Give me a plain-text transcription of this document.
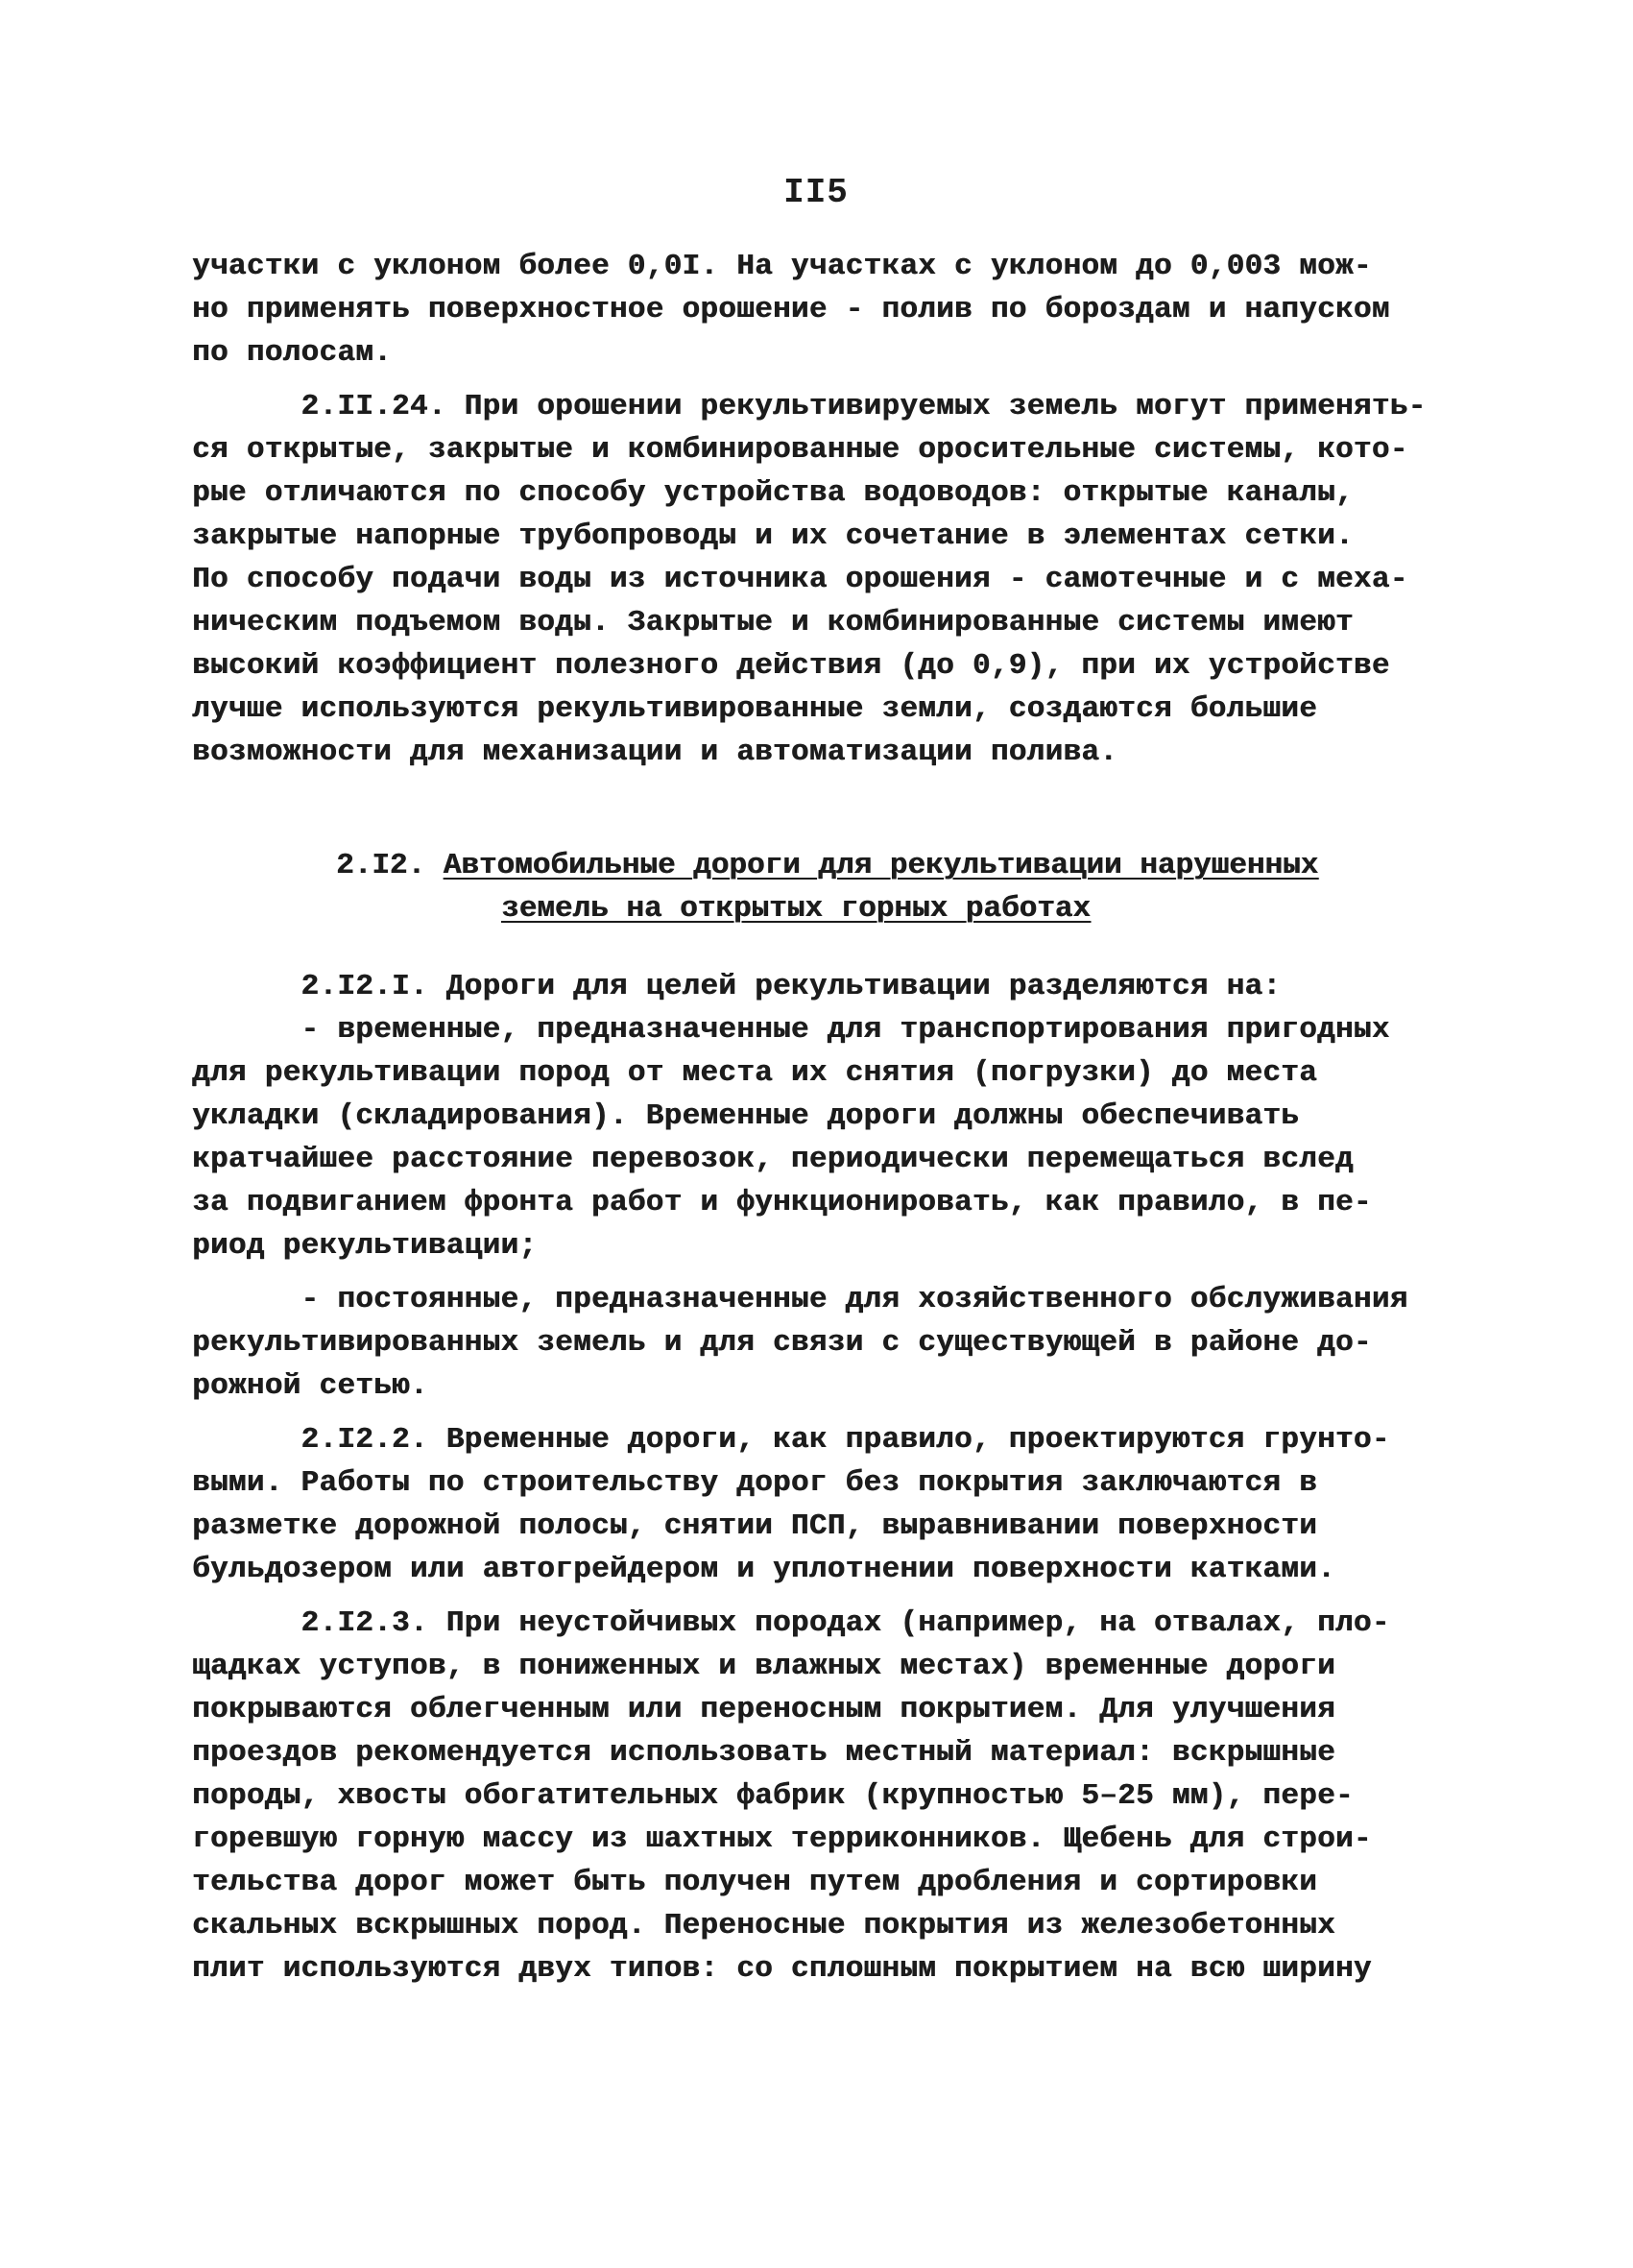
II5
участки с уклоном более 0,0I. На участках с уклоном до 0,003 мож-
но применять поверхностное орошение - полив по бороздам и напуском
по полосам.
2.II.24. При орошении рекультивируемых земель могут применять-
ся открытые, закрытые и комбинированные оросительные системы, кото-
рые отличаются по способу устройства водоводов: открытые каналы,
закрытые напорные трубопроводы и их сочетание в элементах сетки.
По способу подачи воды из источника орошения - самотечные и с меха-
ническим подъемом воды. Закрытые и комбинированные системы имеют
высокий коэффициент полезного действия (до 0,9), при их устройстве
лучше используются рекультивированные земли, создаются большие
возможности для механизации и автоматизации полива.
2.I2. Автомобильные дороги для рекультивации нарушенных
земель на открытых горных работах
2.I2.I. Дороги для целей рекультивации разделяются на:
- временные, предназначенные для транспортирования пригодных
для рекультивации пород от места их снятия (погрузки) до места
укладки (складирования). Временные дороги должны обеспечивать
кратчайшее расстояние перевозок, периодически перемещаться вслед
за подвиганием фронта работ и функционировать, как правило, в пе-
риод рекультивации;
- постоянные, предназначенные для хозяйственного обслуживания
рекультивированных земель и для связи с существующей в районе до-
рожной сетью.
2.I2.2. Временные дороги, как правило, проектируются грунто-
выми. Работы по строительству дорог без покрытия заключаются в
разметке дорожной полосы, снятии ПСП, выравнивании поверхности
бульдозером или автогрейдером и уплотнении поверхности катками.
2.I2.3. При неустойчивых породах (например, на отвалах, пло-
щадках уступов, в пониженных и влажных местах) временные дороги
покрываются облегченным или переносным покрытием. Для улучшения
проездов рекомендуется использовать местный материал: вскрышные
породы, хвосты обогатительных фабрик (крупностью 5–25 мм), пере-
горевшую горную массу из шахтных терриконников. Щебень для строи-
тельства дорог может быть получен путем дробления и сортировки
скальных вскрышных пород. Переносные покрытия из железобетонных
плит используются двух типов: со сплошным покрытием на всю ширину
